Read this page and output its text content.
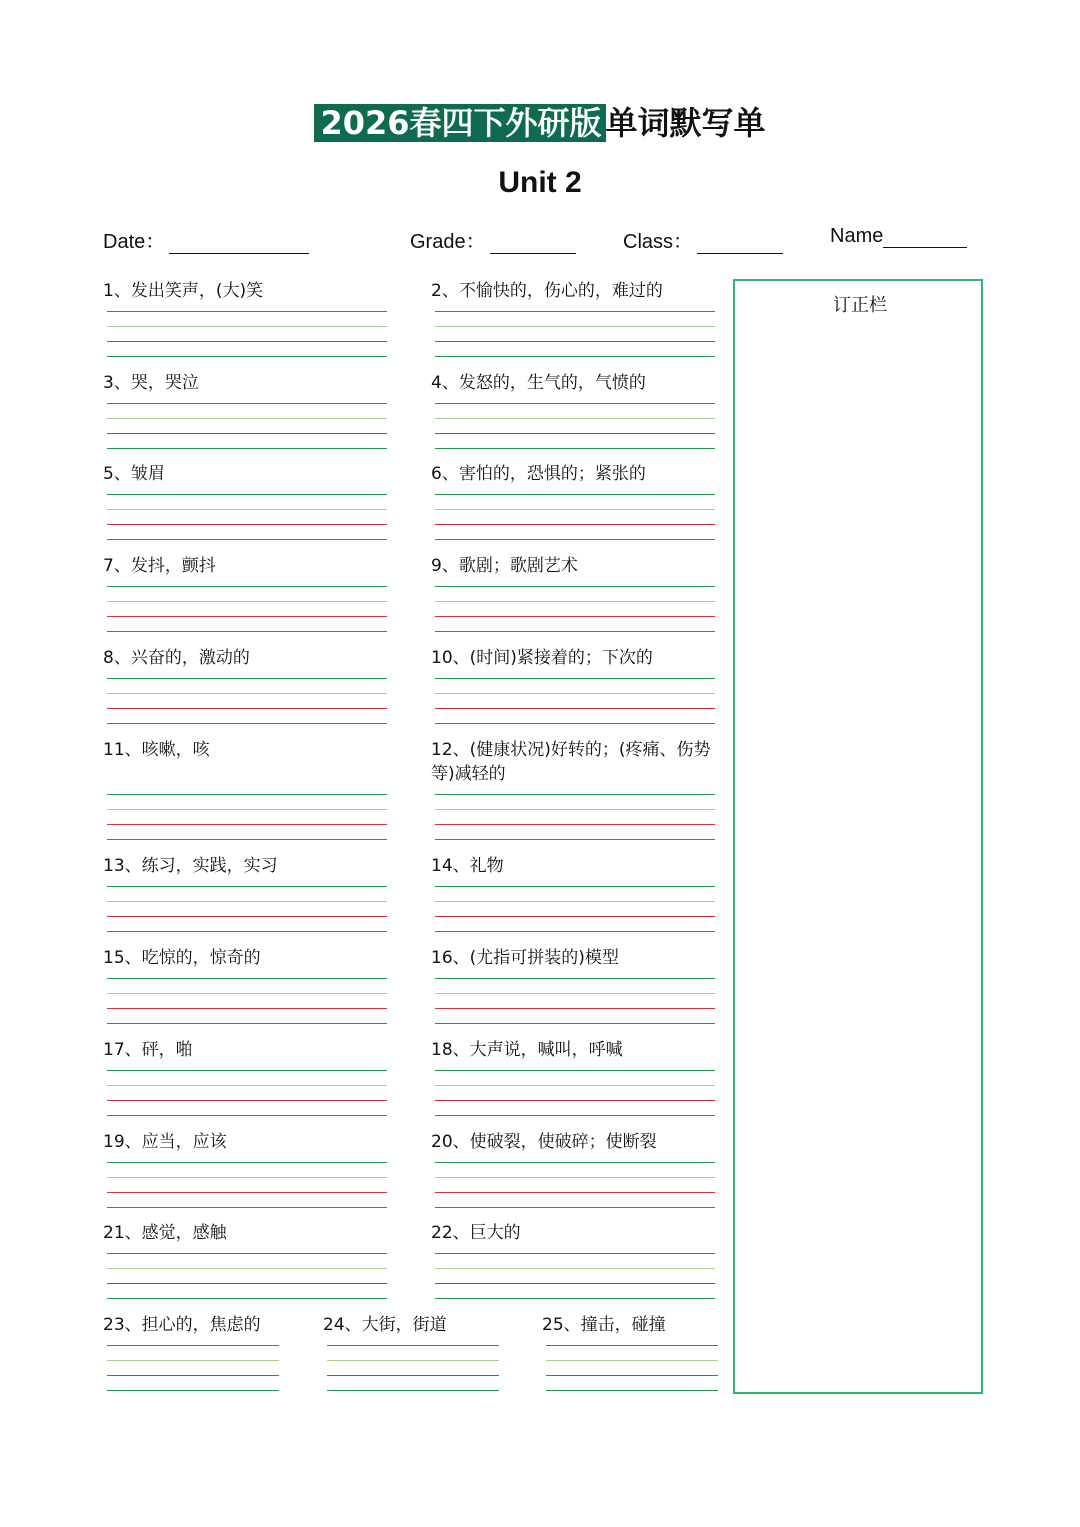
2026春四下外研版 单词默写单
Unit 2
Date：	Grade：	Class：	Name
1、发出笑声，(大)笑	2、不愉快的，伤心的，难过的
3、哭，哭泣	4、发怒的，生气的，气愤的
5、皱眉	6、害怕的，恐惧的；紧张的
7、发抖，颤抖	9、歌剧；歌剧艺术
8、兴奋的，激动的	10、(时间)紧接着的；下次的
11、咳嗽，咳	12、(健康状况)好转的；(疼痛、伤势等)减轻的
13、练习，实践，实习	14、礼物
15、吃惊的，惊奇的	16、(尤指可拼装的)模型
17、砰，啪	18、大声说，喊叫，呼喊
19、应当，应该	20、使破裂，使破碎；使断裂
21、感觉，感触	22、巨大的
23、担心的，焦虑的	24、大街，街道	25、撞击，碰撞
订正栏
